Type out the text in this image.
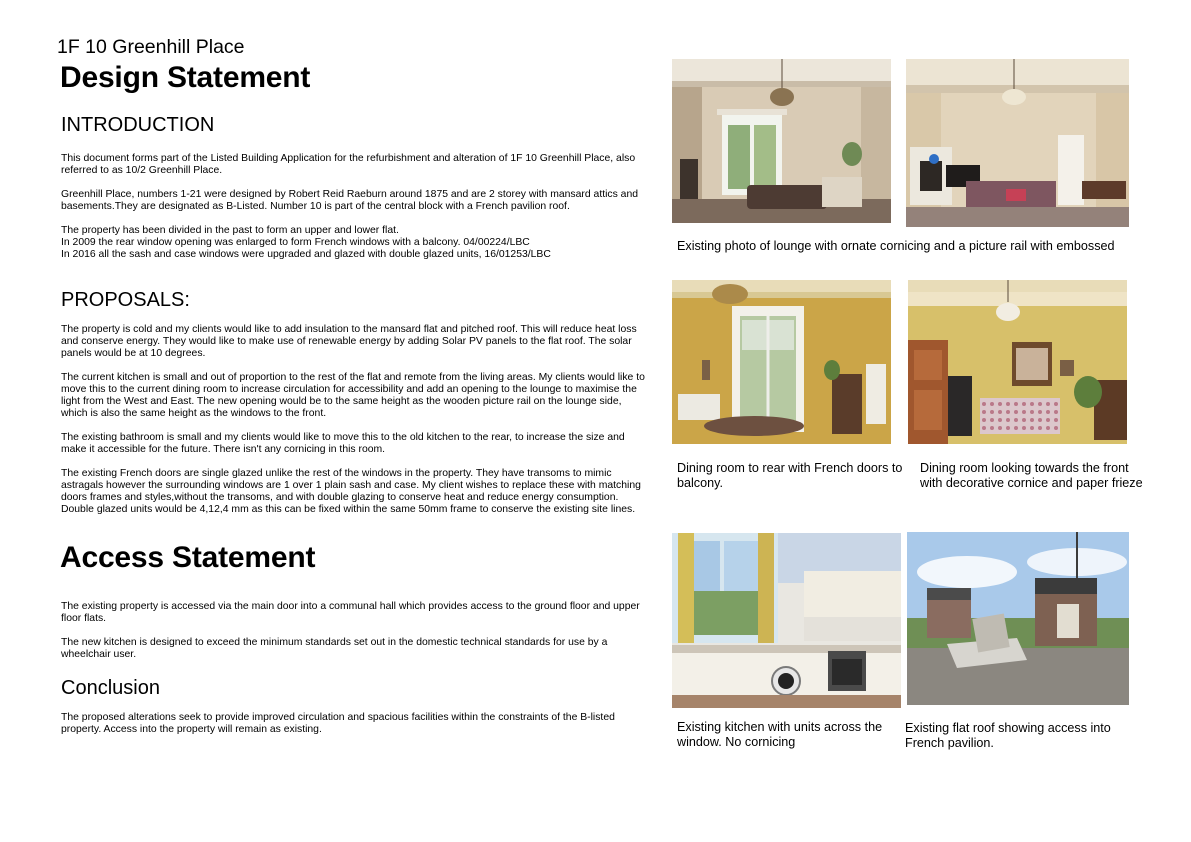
1F 10 Greenhill Place
Design Statement
INTRODUCTION

This document forms part of the Listed Building Application for the refurbishment and alteration of 1F 10 Greenhill Place, also referred to as 10/2 Greenhill Place.

Greenhill Place, numbers 1-21 were designed by Robert Reid Raeburn around 1875 and are 2 storey with mansard attics and basements.They are designated as B-Listed. Number 10 is part of the central block with a French pavilion roof.

The property has been divided in the past to form an upper and lower flat.
In 2009 the rear window opening was enlarged to form French windows with a balcony. 04/00224/LBC
In 2016 all the sash and case windows were upgraded and glazed with double glazed units, 16/01253/LBC

PROPOSALS:

The property is cold and my clients would like to add insulation to the mansard flat and pitched roof. This will reduce heat loss and conserve energy. They would like to make use of renewable energy by adding Solar PV panels to the flat roof. The solar panels would be at 10 degrees.

The current kitchen is small and out of proportion to the rest of the flat and remote from the living areas. My clients would like to move this to the current dining room to increase circulation for accessibility and add an opening to the lounge to maximise the light from the West and East. The new opening would be to the same height as the wooden picture rail on the lounge side, which is also the same height as the windows to the front.

The existing bathroom is small and my clients would like to move this to the old kitchen to the rear, to increase the size and make it accessible for the future. There isn't any cornicing in this room.

The existing French doors are single glazed unlike the rest of the windows in the property. They have transoms to mimic astragals however the surrounding windows are 1 over 1 plain sash and case. My client wishes to replace these with matching doors frames and styles,without the transoms, and with double glazing to conserve heat and reduce energy consumption. Double glazed units would be 4,12,4 mm as this can be fixed within the same 50mm frame to conserve the existing site lines.

Access Statement

The existing property is accessed via the main door into a communal hall which provides access to the ground floor and upper floor flats.

The new kitchen is designed to exceed the minimum standards set out in the domestic technical standards for use by a wheelchair user.

Conclusion

The proposed alterations seek to provide improved circulation and spacious facilities within the constraints of the B-listed property. Access into the property will remain as existing.

Existing photo of lounge with ornate cornicing and a picture rail with embossed
Dining room to rear with French doors to balcony.
Dining room looking towards the front with decorative cornice and paper frieze
Existing kitchen with units across the window. No cornicing
Existing flat roof showing access into French pavilion.
